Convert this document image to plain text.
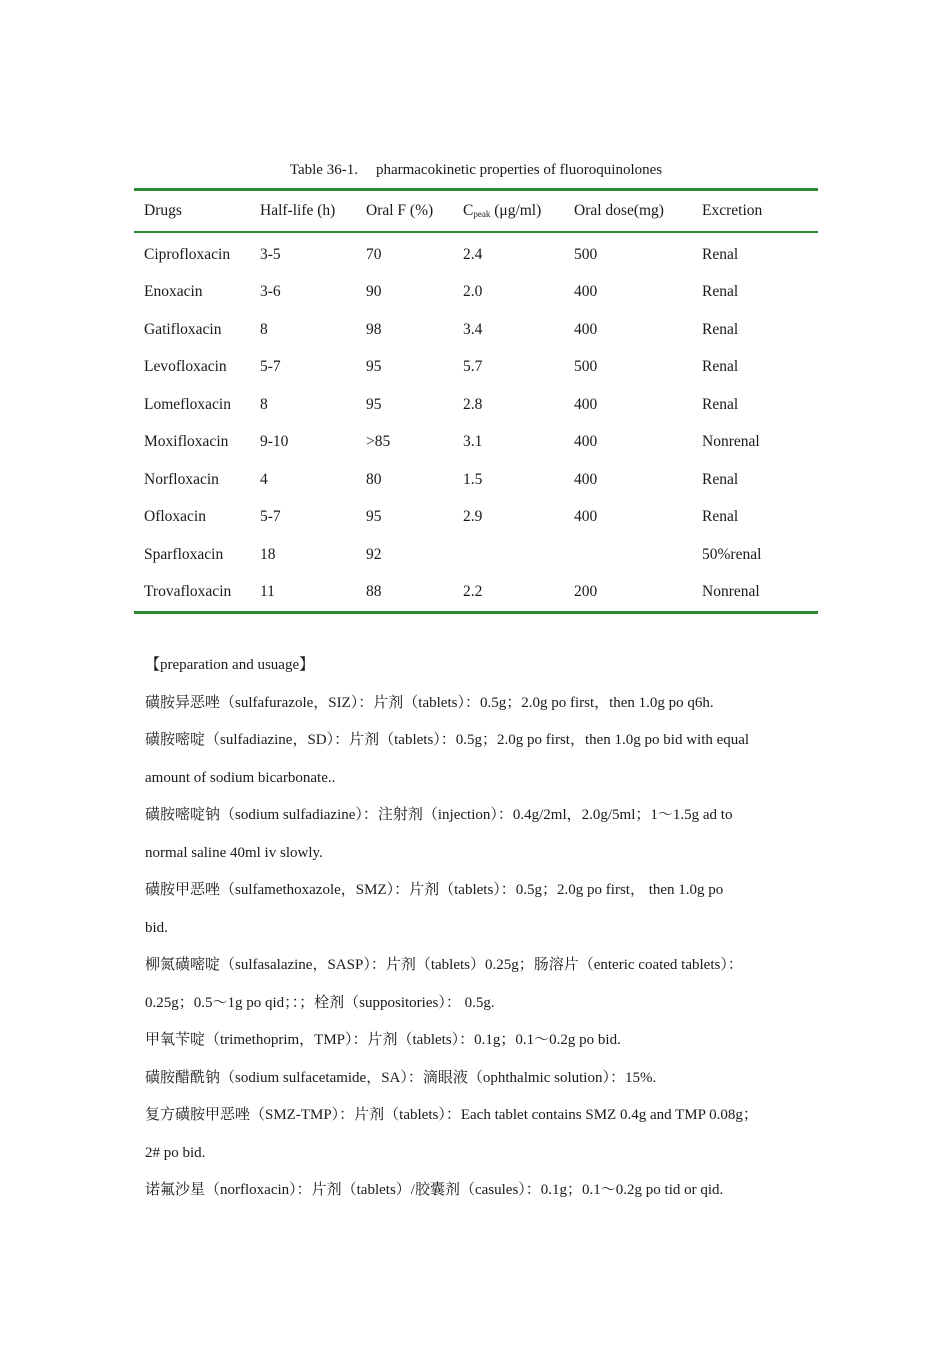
Table 36-1. pharmacokinetic properties of fluoroquinolones
Drugs	Half-life (h)	Oral F (%)	$C_{peak}$ (μg/ml)	Oral dose(mg)	Excretion
Ciprofloxacin	3-5	70	2.4	500	Renal
Enoxacin	3-6	90	2.0	400	Renal
Gatifloxacin	8	98	3.4	400	Renal
Levofloxacin	5-7	95	5.7	500	Renal
Lomefloxacin	8	95	2.8	400	Renal
Moxifloxacin	9-10	>85	3.1	400	Nonrenal
Norfloxacin	4	80	1.5	400	Renal
Ofloxacin	5-7	95	2.9	400	Renal
Sparfloxacin	18	92			50%renal
Trovafloxacin	11	88	2.2	200	Nonrenal

【preparation and usuage】

磺胺异恶唑（sulfafurazole，SIZ）：片剂（tablets）：0.5g；2.0g po first，then 1.0g po q6h.

磺胺嘧啶（sulfadiazine，SD）：片剂（tablets）：0.5g；2.0g po first，then 1.0g po bid with equal

amount of sodium bicarbonate..

磺胺嘧啶钠（sodium sulfadiazine）：注射剂（injection）：0.4g/2ml，2.0g/5ml；1～1.5g ad to

normal saline 40ml iv slowly.

磺胺甲恶唑（sulfamethoxazole，SMZ）：片剂（tablets）：0.5g；2.0g po first， then 1.0g po

bid.

柳氮磺嘧啶（sulfasalazine，SASP）：片剂（tablets）0.25g；肠溶片（enteric coated tablets）：

0.25g；0.5～1g po qid；：；栓剂（suppositories）： 0.5g.

甲氧苄啶（trimethoprim，TMP）：片剂（tablets）：0.1g；0.1～0.2g po bid.

磺胺醋酰钠（sodium sulfacetamide，SA）：滴眼液（ophthalmic solution）：15%.

复方磺胺甲恶唑（SMZ-TMP）：片剂（tablets）：Each tablet contains SMZ 0.4g and TMP 0.08g；

2# po bid.

诺氟沙星（norfloxacin）：片剂（tablets）/胶囊剂（casules）：0.1g；0.1～0.2g po tid or qid.
